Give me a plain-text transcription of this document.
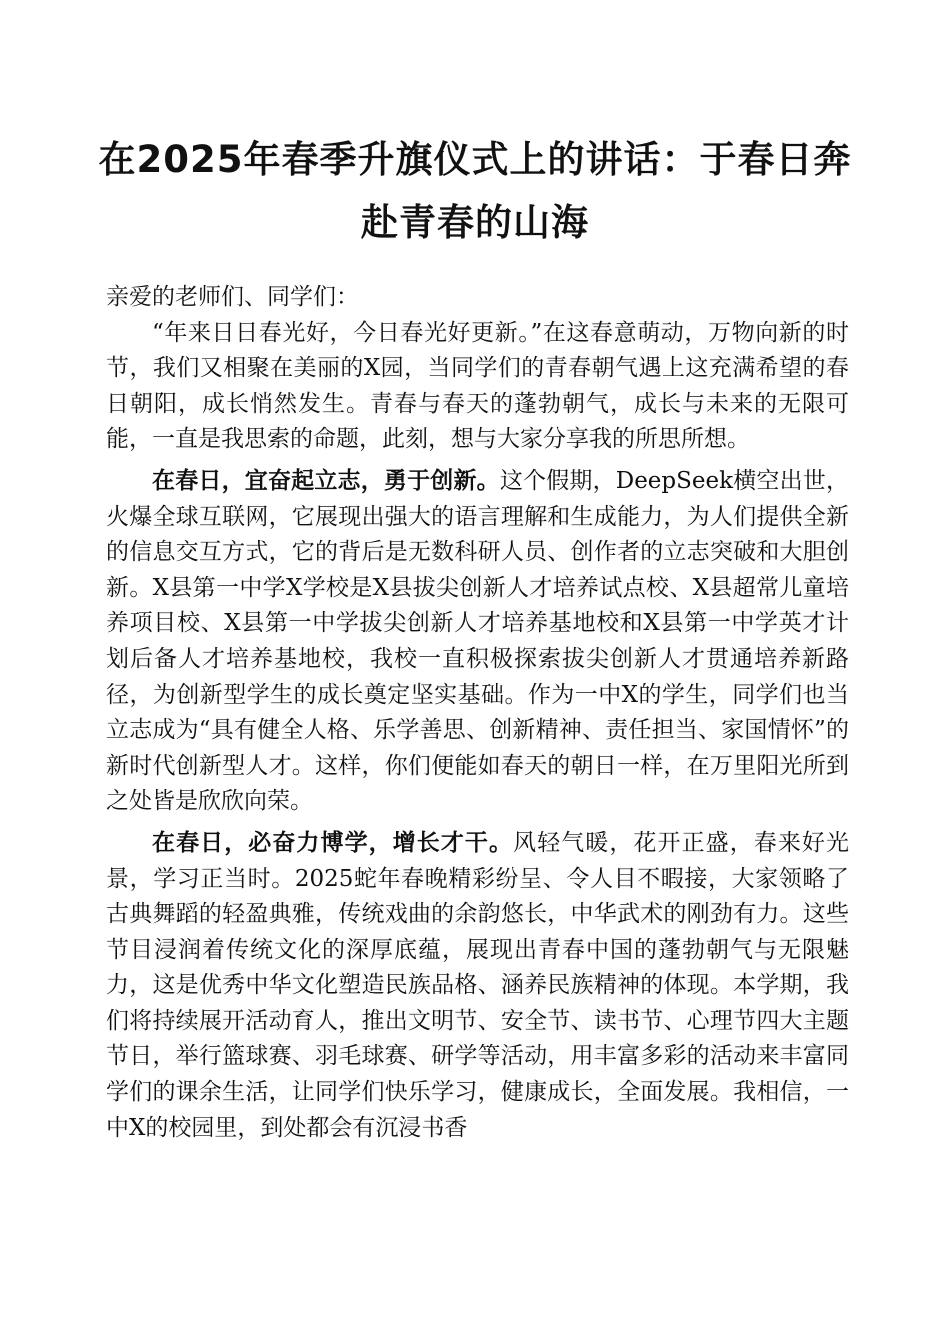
在2025年春季升旗仪式上的讲话：于春日奔赴青春的山海

亲爱的老师们、同学们：

“年来日日春光好，今日春光好更新。”在这春意萌动，万物向新的时节，我们又相聚在美丽的X园，当同学们的青春朝气遇上这充满希望的春日朝阳，成长悄然发生。青春与春天的蓬勃朝气，成长与未来的无限可能，一直是我思索的命题，此刻，想与大家分享我的所思所想。

在春日，宜奋起立志，勇于创新。这个假期，DeepSeek横空出世，火爆全球互联网，它展现出强大的语言理解和生成能力，为人们提供全新的信息交互方式，它的背后是无数科研人员、创作者的立志突破和大胆创新。X县第一中学X学校是X县拔尖创新人才培养试点校、X县超常儿童培养项目校、X县第一中学拔尖创新人才培养基地校和X县第一中学英才计划后备人才培养基地校，我校一直积极探索拔尖创新人才贯通培养新路径，为创新型学生的成长奠定坚实基础。作为一中X的学生，同学们也当立志成为“具有健全人格、乐学善思、创新精神、责任担当、家国情怀”的新时代创新型人才。这样，你们便能如春天的朝日一样，在万里阳光所到之处皆是欣欣向荣。

在春日，必奋力博学，增长才干。风轻气暖，花开正盛，春来好光景，学习正当时。2025蛇年春晚精彩纷呈、令人目不暇接，大家领略了古典舞蹈的轻盈典雅，传统戏曲的余韵悠长，中华武术的刚劲有力。这些节目浸润着传统文化的深厚底蕴，展现出青春中国的蓬勃朝气与无限魅力，这是优秀中华文化塑造民族品格、涵养民族精神的体现。本学期，我们将持续展开活动育人，推出文明节、安全节、读书节、心理节四大主题节日，举行篮球赛、羽毛球赛、研学等活动，用丰富多彩的活动来丰富同学们的课余生活，让同学们快乐学习，健康成长，全面发展。我相信，一中X的校园里，到处都会有沉浸书香
